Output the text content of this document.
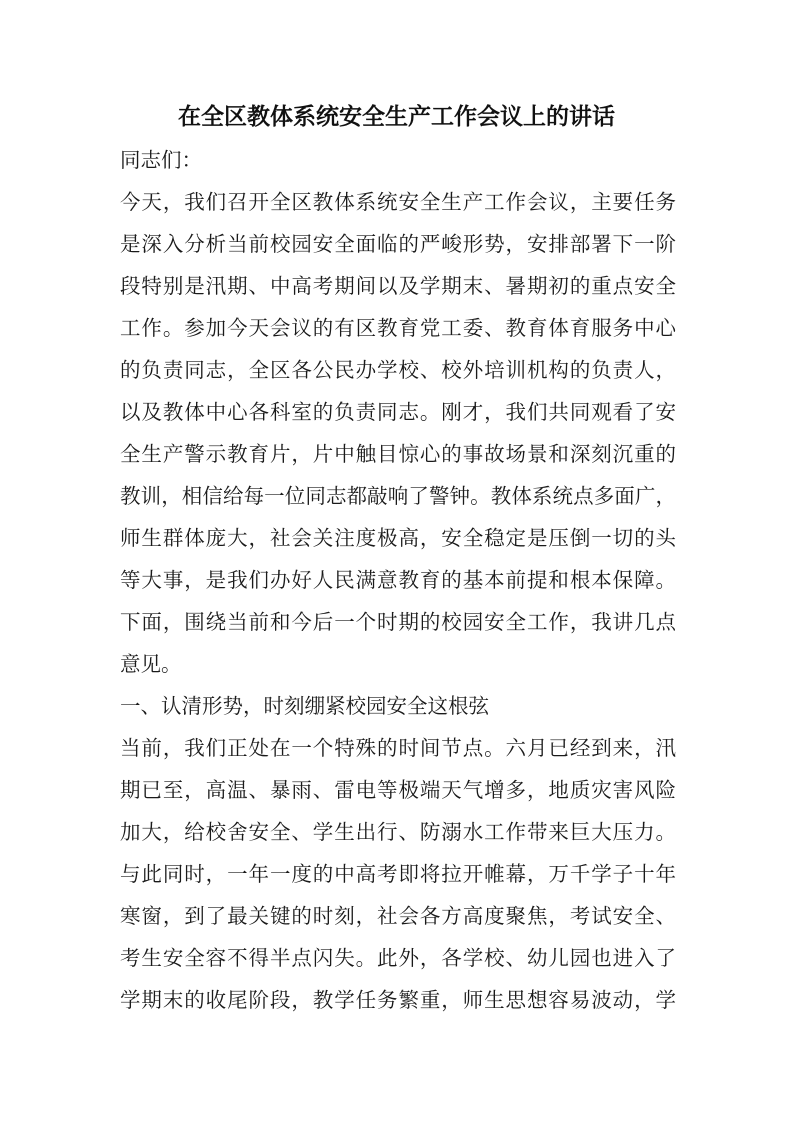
在全区教体系统安全生产工作会议上的讲话
同志们：
今天，我们召开全区教体系统安全生产工作会议，主要任务
是深入分析当前校园安全面临的严峻形势，安排部署下一阶
段特别是汛期、中高考期间以及学期末、暑期初的重点安全
工作。参加今天会议的有区教育党工委、教育体育服务中心
的负责同志，全区各公民办学校、校外培训机构的负责人，
以及教体中心各科室的负责同志。刚才，我们共同观看了安
全生产警示教育片，片中触目惊心的事故场景和深刻沉重的
教训，相信给每一位同志都敲响了警钟。教体系统点多面广，
师生群体庞大，社会关注度极高，安全稳定是压倒一切的头
等大事，是我们办好人民满意教育的基本前提和根本保障。
下面，围绕当前和今后一个时期的校园安全工作，我讲几点
意见。
一、认清形势，时刻绷紧校园安全这根弦
当前，我们正处在一个特殊的时间节点。六月已经到来，汛
期已至，高温、暴雨、雷电等极端天气增多，地质灾害风险
加大，给校舍安全、学生出行、防溺水工作带来巨大压力。
与此同时，一年一度的中高考即将拉开帷幕，万千学子十年
寒窗，到了最关键的时刻，社会各方高度聚焦，考试安全、
考生安全容不得半点闪失。此外，各学校、幼儿园也进入了
学期末的收尾阶段，教学任务繁重，师生思想容易波动，学
